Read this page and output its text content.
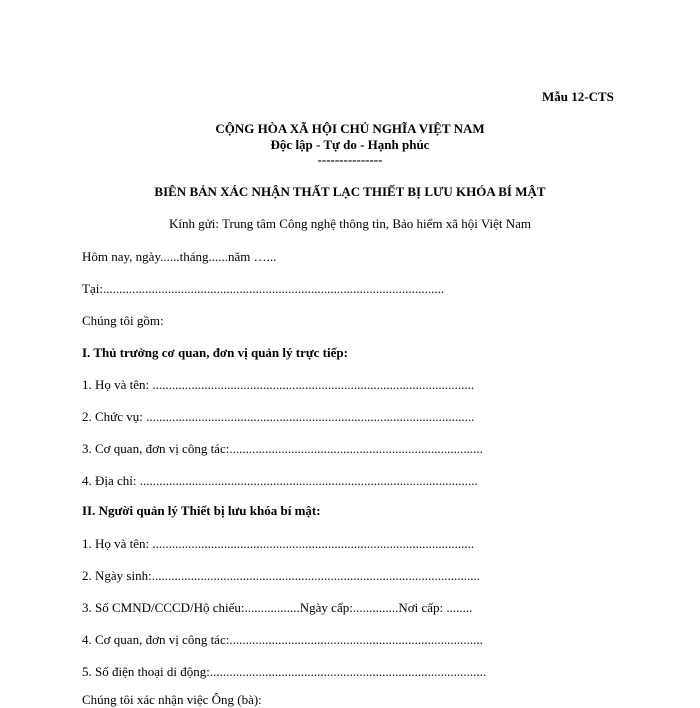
Mẫu 12-CTS
CỘNG HÒA XÃ HỘI CHỦ NGHĨA VIỆT NAM
Độc lập - Tự do - Hạnh phúc
---------------
BIÊN BẢN XÁC NHẬN THẤT LẠC THIẾT BỊ LƯU KHÓA BÍ MẬT
Kính gửi: Trung tâm Công nghệ thông tin, Bảo hiểm xã hội Việt Nam
Hôm nay, ngày......tháng......năm …...
Tại:.........................................................................................................
Chúng tôi gồm:
I. Thủ trưởng cơ quan, đơn vị quản lý trực tiếp:
1. Họ và tên: ...................................................................................................
2. Chức vụ: .....................................................................................................
3. Cơ quan, đơn vị công tác:..............................................................................
4. Địa chỉ: ........................................................................................................
II. Người quản lý Thiết bị lưu khóa bí mật:
1. Họ và tên: ...................................................................................................
2. Ngày sinh:.....................................................................................................
3. Số CMND/CCCD/Hộ chiếu:.................Ngày cấp:..............Nơi cấp: ........
4. Cơ quan, đơn vị công tác:..............................................................................
5. Số điện thoại di động:.....................................................................................
Chúng tôi xác nhận việc Ông (bà):
